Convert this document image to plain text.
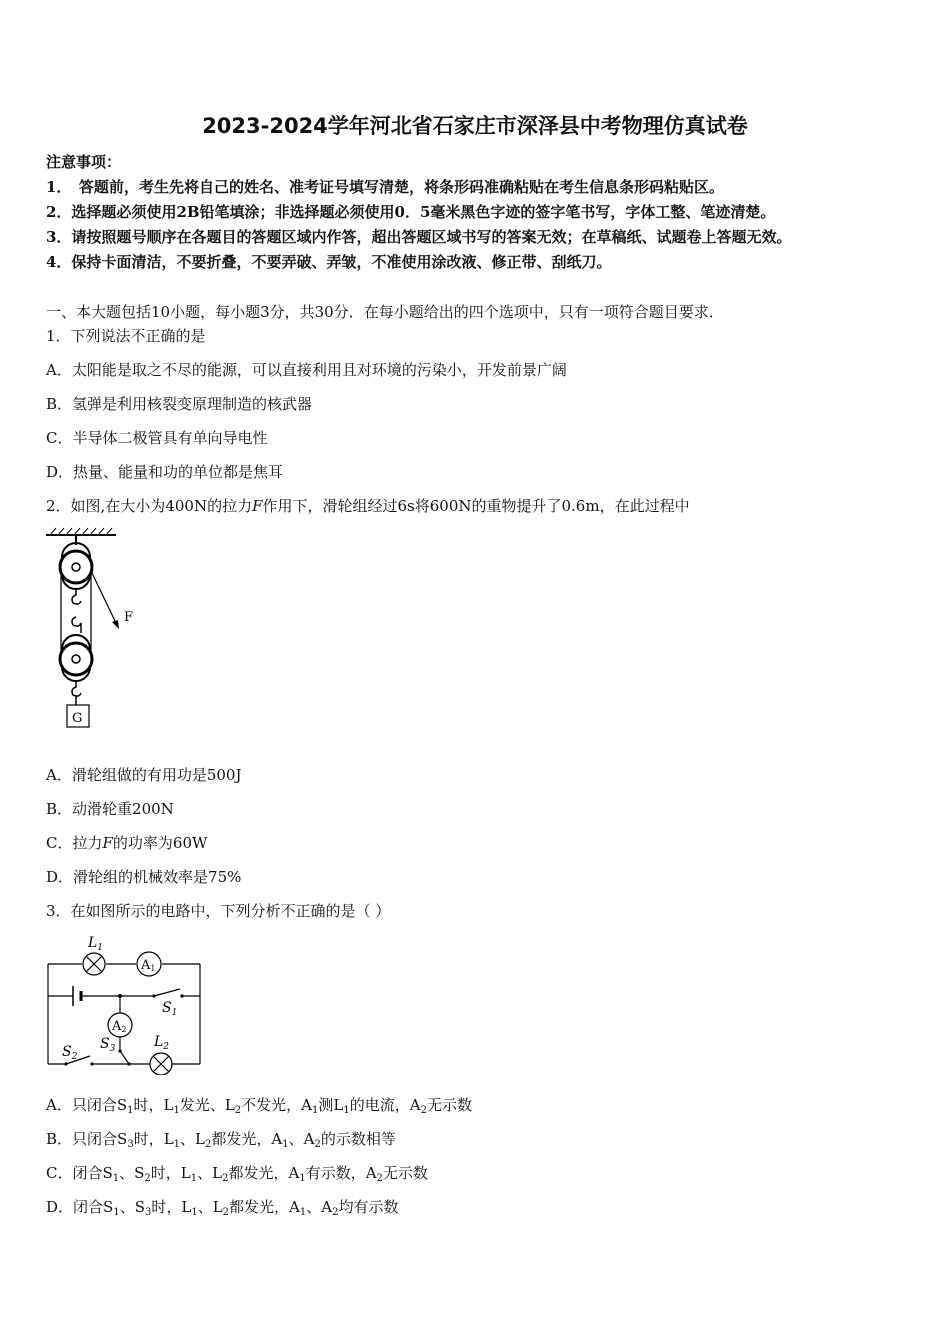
2023-2024学年河北省石家庄市深泽县中考物理仿真试卷
注意事项：
1．　答题前，考生先将自己的姓名、准考证号填写清楚，将条形码准确粘贴在考生信息条形码粘贴区。
2．选择题必须使用2B铅笔填涂；非选择题必须使用0．5毫米黑色字迹的签字笔书写，字体工整、笔迹清楚。
3．请按照题号顺序在各题目的答题区域内作答，超出答题区域书写的答案无效；在草稿纸、试题卷上答题无效。
4．保持卡面清洁，不要折叠，不要弄破、弄皱，不准使用涂改液、修正带、刮纸刀。
一、本大题包括10小题，每小题3分，共30分．在每小题给出的四个选项中，只有一项符合题目要求．
1．下列说法不正确的是
A．太阳能是取之不尽的能源，可以直接利用且对环境的污染小，开发前景广阔
B．氢弹是利用核裂变原理制造的核武器
C．半导体二极管具有单向导电性
D．热量、能量和功的单位都是焦耳
2．如图,在大小为400N的拉力F作用下，滑轮组经过6s将600N的重物提升了0.6m，在此过程中
F
G
A．滑轮组做的有用功是500J
B．动滑轮重200N
C．拉力F的功率为60W
D．滑轮组的机械效率是75%
3．在如图所示的电路中，下列分析不正确的是（ ）
$L_1$
A1
A2
$L_2$
$S_1$
$S_2$
$S_3$
A．只闭合$S_1$时，$L_1$发光、$L_2$不发光，$A_1$测$L_1$的电流，$A_2$无示数
B．只闭合$S_3$时，$L_1$、$L_2$都发光，$A_1$、$A_2$的示数相等
C．闭合$S_1$、$S_2$时，$L_1$、$L_2$都发光，$A_1$有示数，$A_2$无示数
D．闭合$S_1$、$S_3$时，$L_1$、$L_2$都发光，$A_1$、$A_2$均有示数
